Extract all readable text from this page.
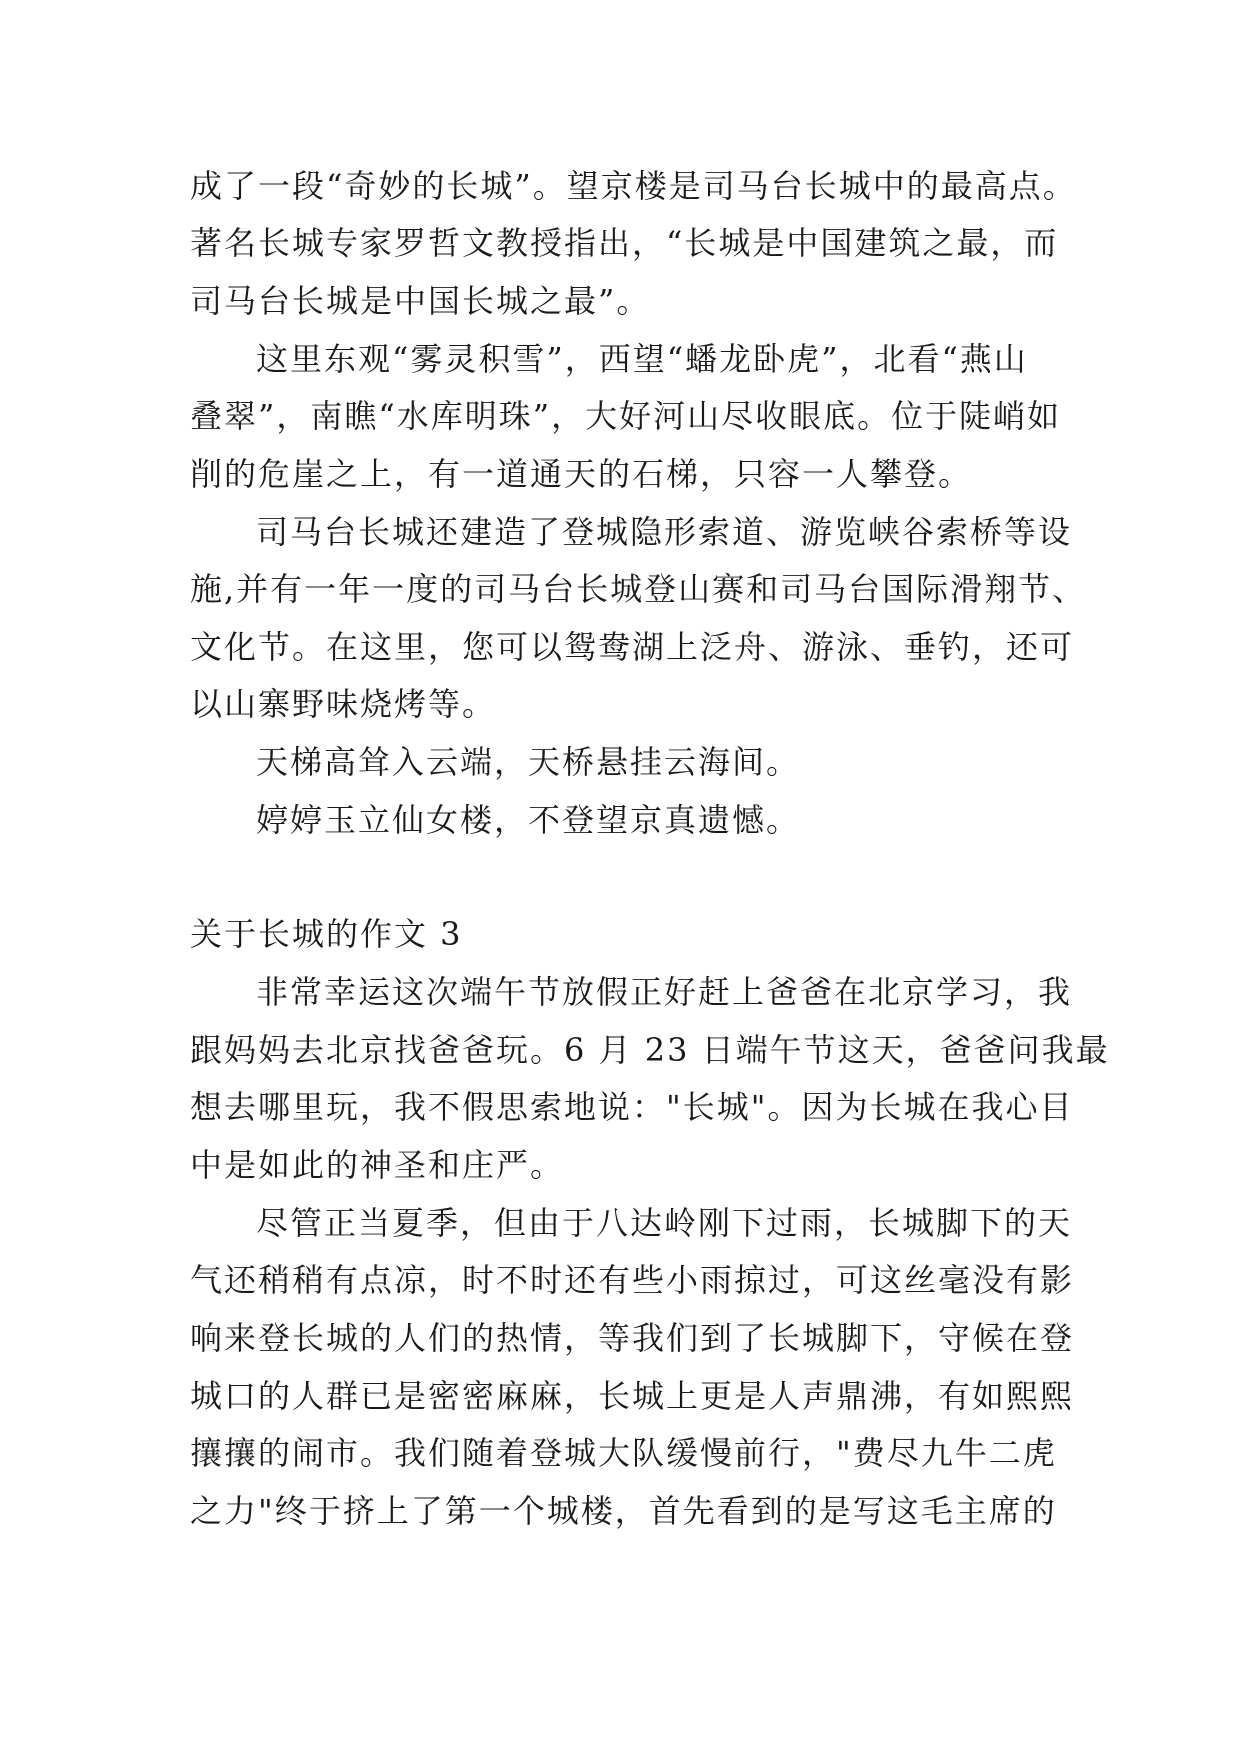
成了一段“奇妙的长城”。望京楼是司马台长城中的最高点。
著名长城专家罗哲文教授指出，“长城是中国建筑之最，而
司马台长城是中国长城之最”。
这里东观“雾灵积雪”，西望“蟠龙卧虎”，北看“燕山
叠翠”，南瞧“水库明珠”，大好河山尽收眼底。位于陡峭如
削的危崖之上，有一道通天的石梯，只容一人攀登。
司马台长城还建造了登城隐形索道、游览峡谷索桥等设
施,并有一年一度的司马台长城登山赛和司马台国际滑翔节、
文化节。在这里，您可以鸳鸯湖上泛舟、游泳、垂钓，还可
以山寨野味烧烤等。
天梯高耸入云端，天桥悬挂云海间。
婷婷玉立仙女楼，不登望京真遗憾。
关于长城的作文 3
非常幸运这次端午节放假正好赶上爸爸在北京学习，我
跟妈妈去北京找爸爸玩。6 月 23 日端午节这天，爸爸问我最
想去哪里玩，我不假思索地说："长城"。因为长城在我心目
中是如此的神圣和庄严。
尽管正当夏季，但由于八达岭刚下过雨，长城脚下的天
气还稍稍有点凉，时不时还有些小雨掠过，可这丝毫没有影
响来登长城的人们的热情，等我们到了长城脚下，守候在登
城口的人群已是密密麻麻，长城上更是人声鼎沸，有如熙熙
攘攘的闹市。我们随着登城大队缓慢前行，"费尽九牛二虎
之力"终于挤上了第一个城楼，首先看到的是写这毛主席的
